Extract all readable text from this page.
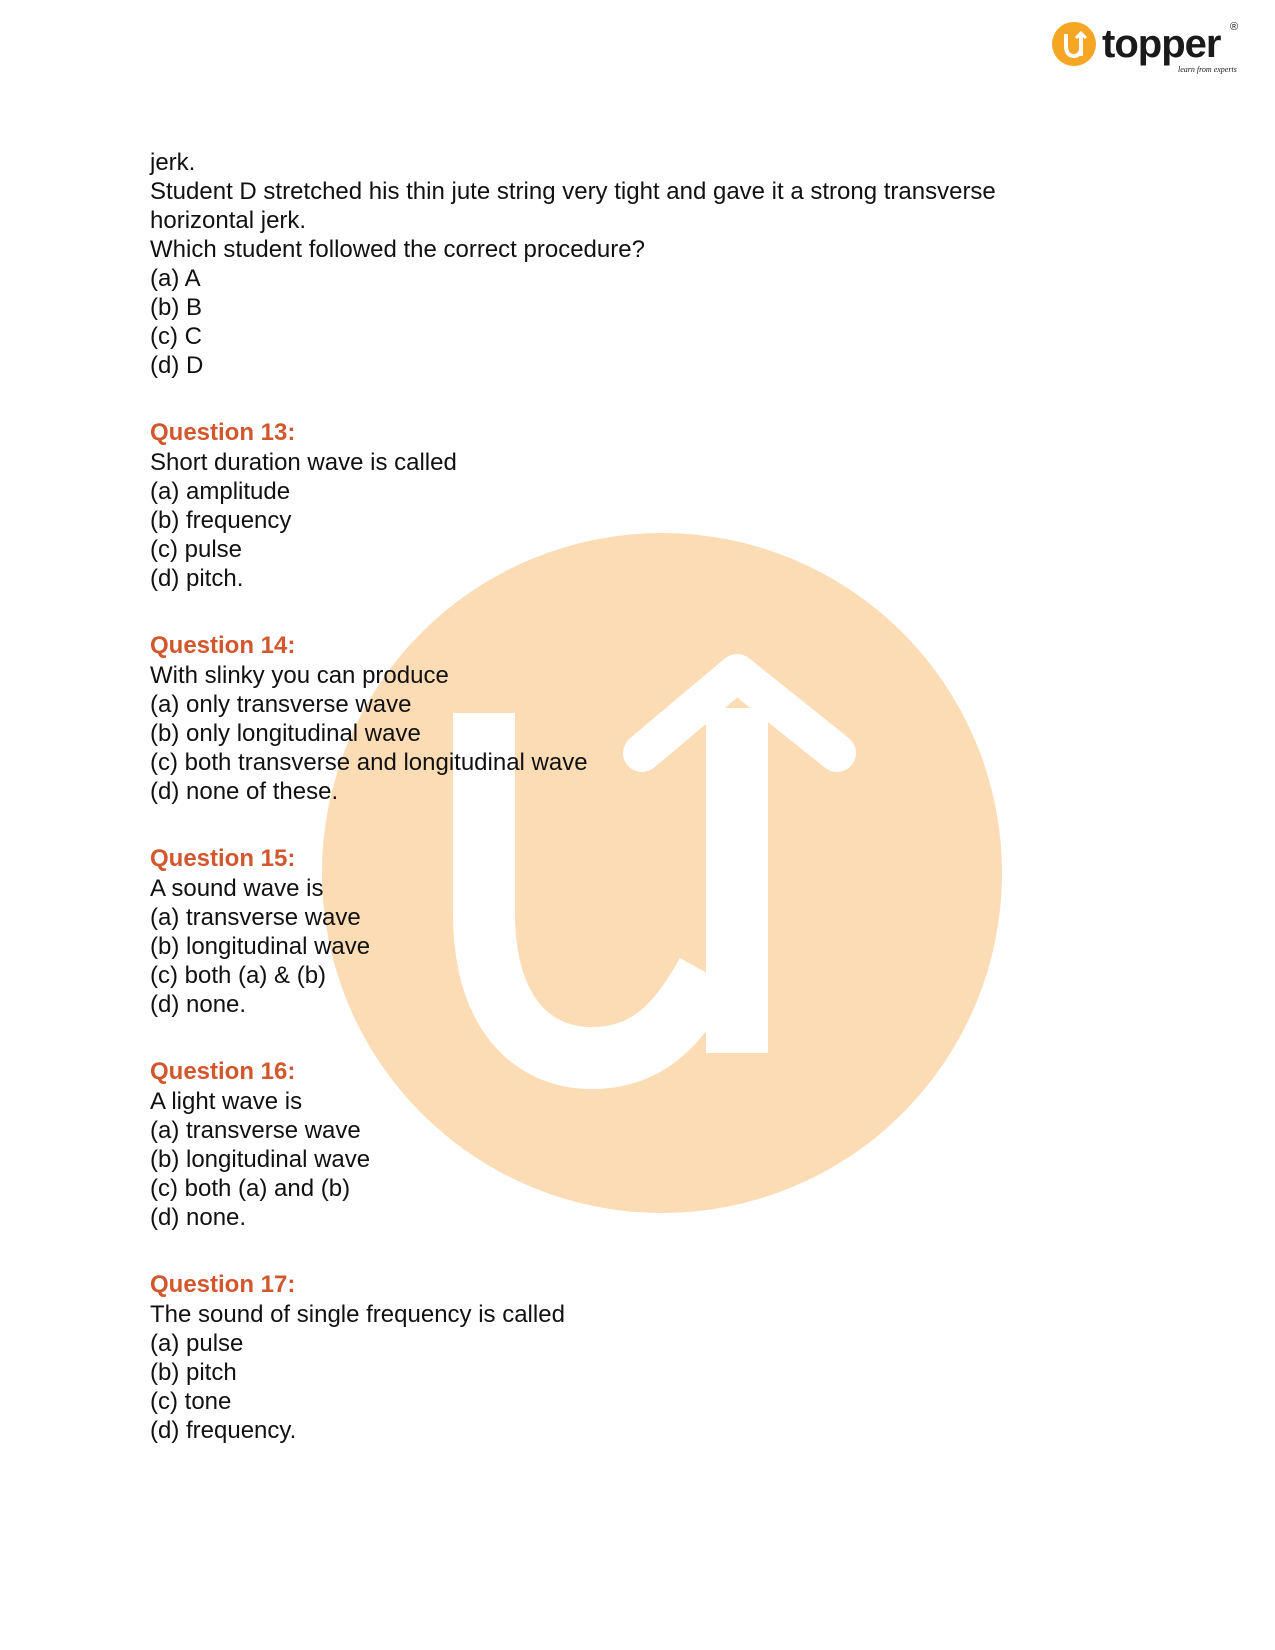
topper ®
learn from experts
jerk.
Student D stretched his thin jute string very tight and gave it a strong transverse horizontal jerk.
Which student followed the correct procedure?
(a) A
(b) B
(c) C
(d) D
Question 13:
Short duration wave is called
(a) amplitude
(b) frequency
(c) pulse
(d) pitch.
Question 14:
With slinky you can produce
(a) only transverse wave
(b) only longitudinal wave
(c) both transverse and longitudinal wave
(d) none of these.
Question 15:
A sound wave is
(a) transverse wave
(b) longitudinal wave
(c) both (a) & (b)
(d) none.
Question 16:
A light wave is
(a) transverse wave
(b) longitudinal wave
(c) both (a) and (b)
(d) none.
Question 17:
The sound of single frequency is called
(a) pulse
(b) pitch
(c) tone
(d) frequency.
